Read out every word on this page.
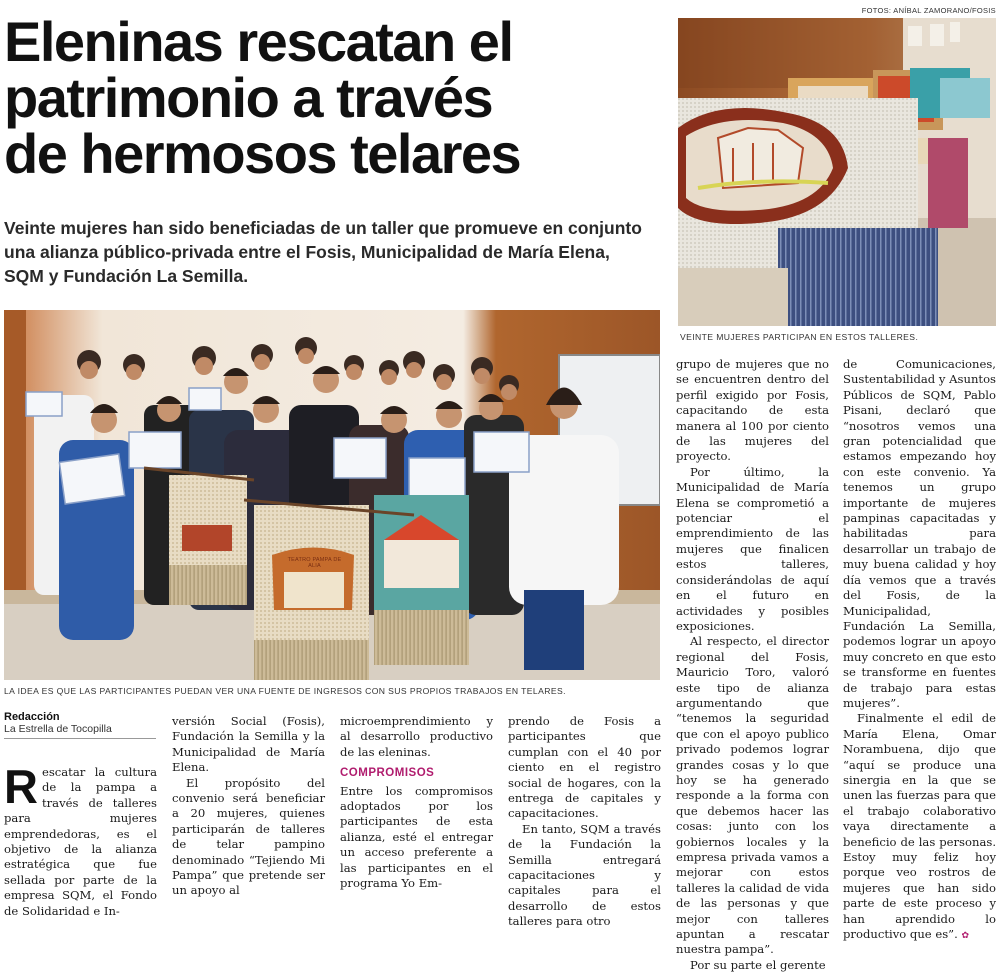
FOTOS: ANÍBAL ZAMORANO/FOSIS
Eleninas rescatan el
patrimonio a través
de hermosos telares
Veinte mujeres han sido beneficiadas de un taller que promueve en conjunto
una alianza público-privada entre el Fosis, Municipalidad de María Elena,
SQM y Fundación La Semilla.
VEINTE MUJERES PARTICIPAN EN ESTOS TALLERES.
TEATRO PAMPA DE ALIA
LA IDEA ES QUE LAS PARTICIPANTES PUEDAN VER UNA FUENTE DE INGRESOS CON SUS PROPIOS TRABAJOS EN TELARES.
Redacción
La Estrella de Tocopilla

Rescatar la cultura de la pampa a través de talleres para mujeres emprendedoras, es el objetivo de la alianza estratégica que fue sellada por parte de la empresa SQM, el Fondo de Solidaridad e In-

versión Social (Fosis), Fundación la Semilla y la Municipalidad de María Elena.

El propósito del convenio será beneficiar a 20 mujeres, quienes participarán de talleres de telar pampino denominado “Tejiendo Mi Pampa” que pretende ser un apoyo al

microemprendimiento y al desarrollo productivo de las eleninas.

COMPROMISOS

Entre los compromisos adoptados por los participantes de esta alianza, esté el entregar un acceso preferente a las participantes en el programa Yo Em-

prendo de Fosis a participantes que cumplan con el 40 por ciento en el registro social de hogares, con la entrega de capitales y capacitaciones.

En tanto, SQM a través de la Fundación la Semilla entregará capacitaciones y capitales para el desarrollo de estos talleres para otro

grupo de mujeres que no se encuentren dentro del perfil exigido por Fosis, capacitando de esta manera al 100 por ciento de las mujeres del proyecto.

Por último, la Municipalidad de María Elena se comprometió a potenciar el emprendimiento de las mujeres que finalicen estos talleres, considerándolas de aquí en el futuro en actividades y posibles exposiciones.

Al respecto, el director regional del Fosis, Mauricio Toro, valoró este tipo de alianza argumentando que “tenemos la seguridad que con el apoyo publico privado podemos lograr grandes cosas y lo que hoy se ha generado responde a la forma con que debemos hacer las cosas: junto con los gobiernos locales y la empresa privada vamos a mejorar con estos talleres la calidad de vida de las personas y que mejor con talleres apuntan a rescatar nuestra pampa”.

Por su parte el gerente

de Comunicaciones, Sustentabilidad y Asuntos Públicos de SQM, Pablo Pisani, declaró que “nosotros vemos una gran potencialidad que estamos empezando hoy con este convenio. Ya tenemos un grupo importante de mujeres pampinas capacitadas y habilitadas para desarrollar un trabajo de muy buena calidad y hoy día vemos que a través del Fosis, de la Municipalidad, Fundación La Semilla, podemos lograr un apoyo muy concreto en que esto se transforme en fuentes de trabajo para estas mujeres”.

Finalmente el edil de María Elena, Omar Norambuena, dijo que “aquí se produce una sinergia en la que se unen las fuerzas para que el trabajo colaborativo vaya directamente a beneficio de las personas. Estoy muy feliz hoy porque veo rostros de mujeres que han sido parte de este proceso y han aprendido lo productivo que es”. ✿
